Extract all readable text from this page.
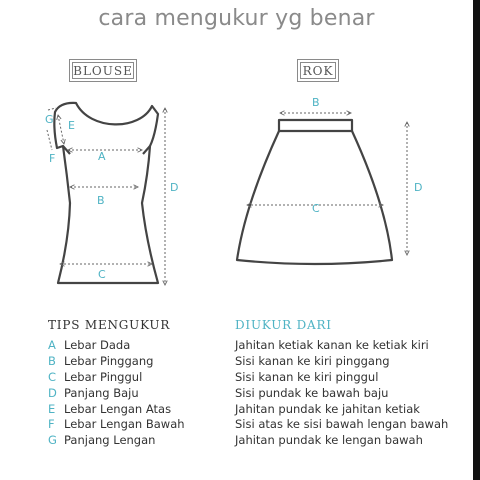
cara mengukur yg benar
BLOUSE	ROK
A
B
C
D
E
F
G
B
C
D
TIPS MENGUKUR	DIUKUR DARI
A Lebar Dada
B Lebar Pinggang
C Lebar Pinggul
D Panjang Baju
E Lebar Lengan Atas
F Lebar Lengan Bawah
G Panjang Lengan
Jahitan ketiak kanan ke ketiak kiri
Sisi kanan ke kiri pinggang
Sisi kanan ke kiri pinggul
Sisi pundak ke bawah baju
Jahitan pundak ke jahitan ketiak
Sisi atas ke sisi bawah lengan bawah
Jahitan pundak ke lengan bawah
